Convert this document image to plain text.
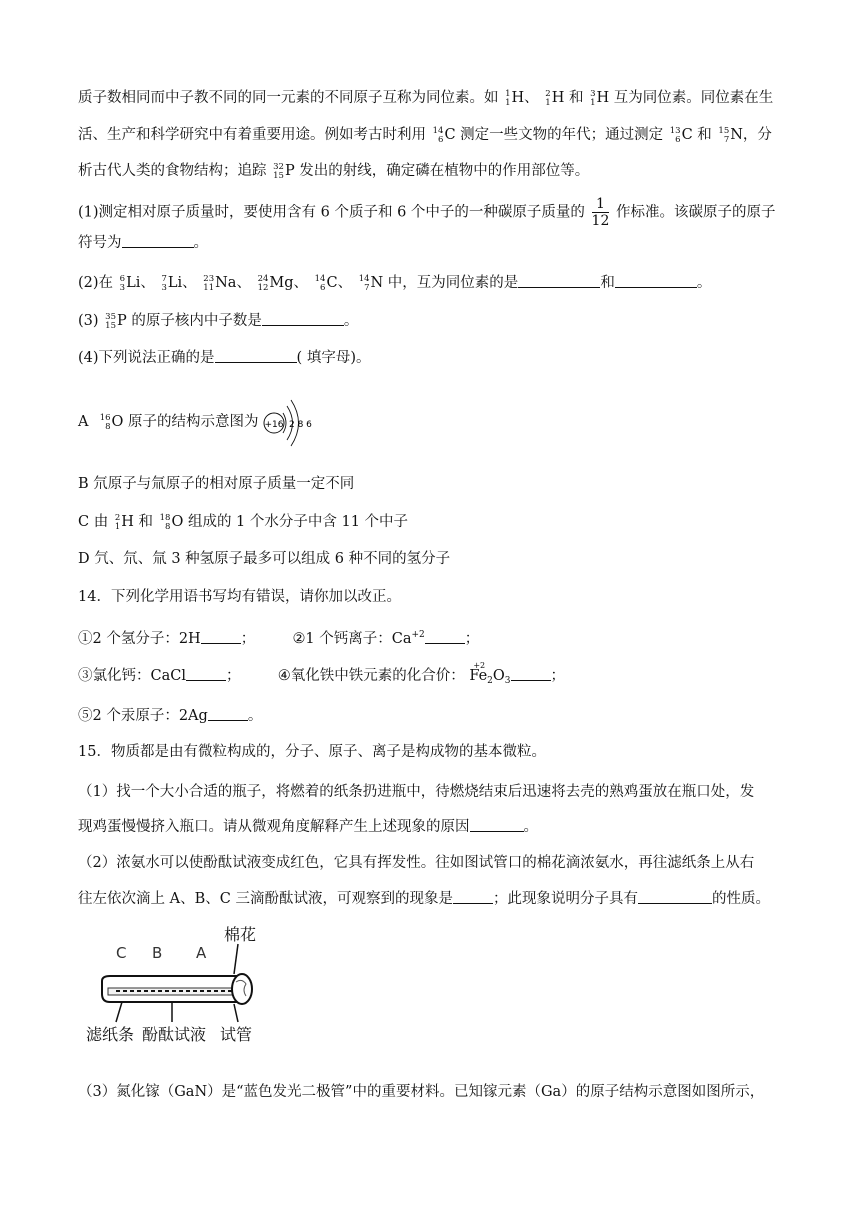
质子数相同而中子教不同的同一元素的不同原子互称为同位素。如 1
1 H、 2
1 H 和 3
1 H 互为同位素。同位素在生
活、生产和科学研究中有着重要用途。例如考古时利用 14
6 C 测定一些文物的年代；通过测定 13
6 C 和 15
7 N，分
析古代人类的食物结构；追踪 32
15 P 发出的射线，确定磷在植物中的作用部位等。
(1)测定相对原子质量时，要使用含有 6 个质子和 6 个中子的一种碳原子质量的 $\frac{1}{12}$ 作标准。该碳原子的原子
符号为	。
(2)在 6
3 Li、 7
3 Li、 23
11 Na、 24
12 Mg、 14
6 C、 14
7 N 中，互为同位素的是	和	。
(3) 35
15 P 的原子核内中子数是	。
(4)下列说法正确的是	( 填字母)。
A 16
8 O 原子的结构示意图为 +16 2 8 6
B 氘原子与氚原子的相对原子质量一定不同
C 由 2
1 H 和 18
8 O 组成的 1 个水分子中含 11 个中子
D 氕、氘、氚 3 种氢原子最多可以组成 6 种不同的氢分子
14．下列化学用语书写均有错误，请你加以改正。
①2 个氢分子：2H	；	②1 个钙离子：$Ca^{+2}$	；
③氯化钙：CaCl	；	④氧化铁中铁元素的化合价：
+2
$Fe_2O_3$	；
⑤2 个汞原子：2Ag	。
15．物质都是由有微粒构成的，分子、原子、离子是构成物的基本微粒。
（1）找一个大小合适的瓶子，将燃着的纸条扔进瓶中，待燃烧结束后迅速将去壳的熟鸡蛋放在瓶口处，发
现鸡蛋慢慢挤入瓶口。请从微观角度解释产生上述现象的原因	。
（2）浓氨水可以使酚酞试液变成红色，它具有挥发性。往如图试管口的棉花滴浓氨水，再往滤纸条上从右
往左依次滴上 A、B、C 三滴酚酞试液，可观察到的现象是	；此现象说明分子具有	的性质。
C B A
棉花
滤纸条 酚酞试液 试管
（3）氮化镓（GaN）是“蓝色发光二极管”中的重要材料。已知镓元素（Ga）的原子结构示意图如图所示，
